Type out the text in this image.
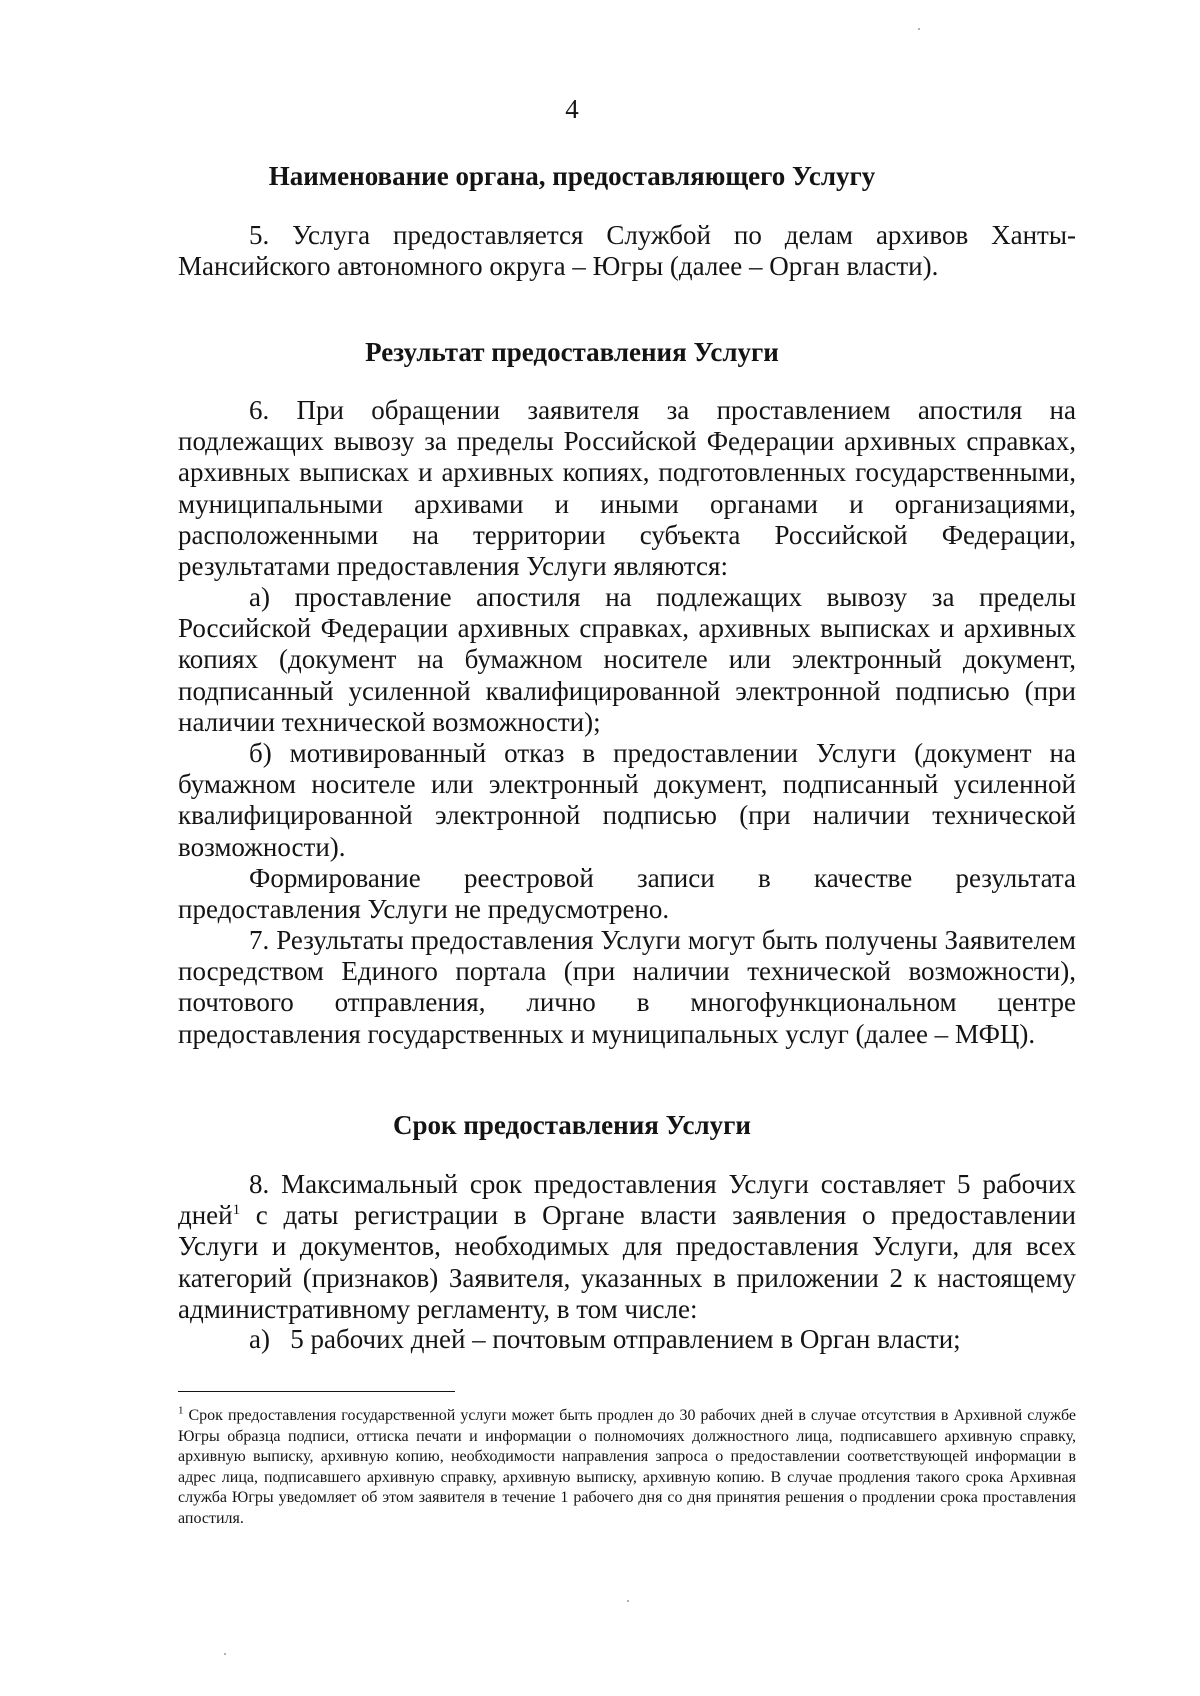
4
Наименование органа, предоставляющего Услугу

5. Услуга предоставляется Службой по делам архивов Ханты-Мансийского автономного округа – Югры (далее – Орган власти).

Результат предоставления Услуги

6. При обращении заявителя за проставлением апостиля на подлежащих вывозу за пределы Российской Федерации архивных справках, архивных выписках и архивных копиях, подготовленных государственными, муниципальными архивами и иными органами и организациями, расположенными на территории субъекта Российской Федерации, результатами предоставления Услуги являются:

а) проставление апостиля на подлежащих вывозу за пределы Российской Федерации архивных справках, архивных выписках и архивных копиях (документ на бумажном носителе или электронный документ, подписанный усиленной квалифицированной электронной подписью (при наличии технической возможности);

б) мотивированный отказ в предоставлении Услуги (документ на бумажном носителе или электронный документ, подписанный усиленной квалифицированной электронной подписью (при наличии технической возможности).

Формирование реестровой записи в качестве результата предоставления Услуги не предусмотрено.

7. Результаты предоставления Услуги могут быть получены Заявителем посредством Единого портала (при наличии технической возможности), почтового отправления, лично в многофункциональном центре предоставления государственных и муниципальных услуг (далее – МФЦ).

Срок предоставления Услуги

8. Максимальный срок предоставления Услуги составляет 5 рабочих дней$^1$ с даты регистрации в Органе власти заявления о предоставлении Услуги и документов, необходимых для предоставления Услуги, для всех категорий (признаков) Заявителя, указанных в приложении 2 к настоящему административному регламенту, в том числе:

а)   5 рабочих дней – почтовым отправлением в Орган власти;

$^1$ Срок предоставления государственной услуги может быть продлен до 30 рабочих дней в случае отсутствия в Архивной службе Югры образца подписи, оттиска печати и информации о полномочиях должностного лица, подписавшего архивную справку, архивную выписку, архивную копию, необходимости направления запроса о предоставлении соответствующей информации в адрес лица, подписавшего архивную справку, архивную выписку, архивную копию. В случае продления такого срока Архивная служба Югры уведомляет об этом заявителя в течение 1 рабочего дня со дня принятия решения о продлении срока проставления апостиля.
